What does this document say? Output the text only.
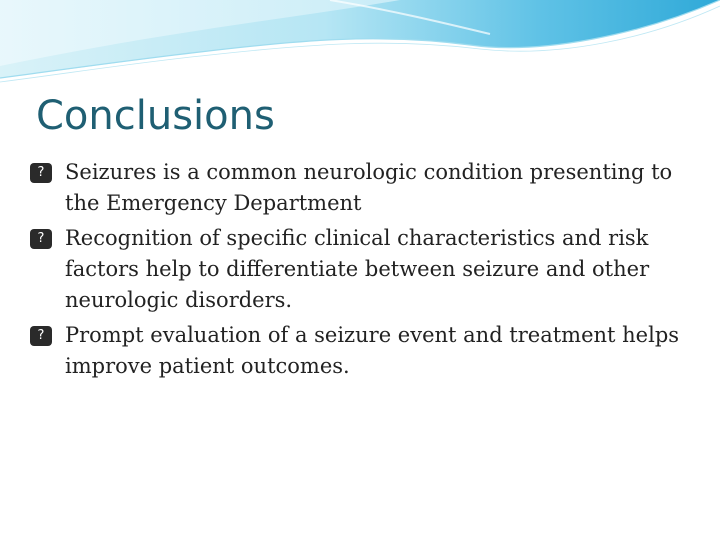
Conclusions
? Seizures is a common neurologic condition presenting to the Emergency Department
? Recognition of specific clinical characteristics and risk factors help to differentiate between seizure and other neurologic disorders.
? Prompt evaluation of a seizure event and treatment helps improve patient outcomes.
